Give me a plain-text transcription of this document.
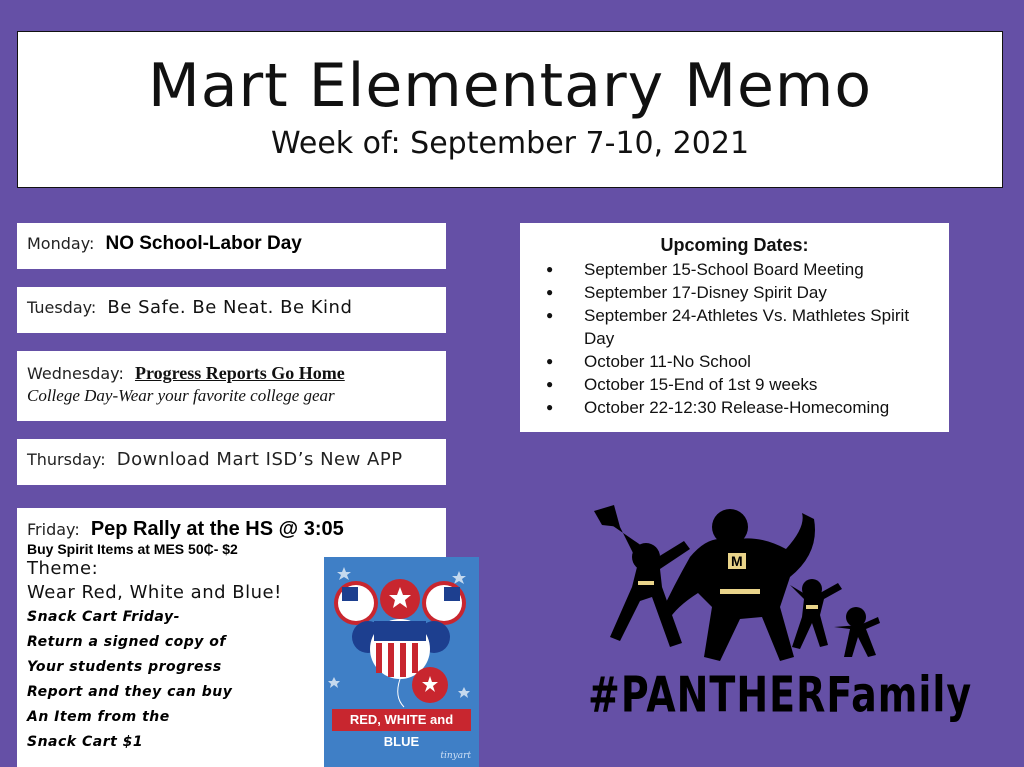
Mart Elementary Memo
Week of: September 7-10, 2021
Monday: NO School-Labor Day
Tuesday: Be Safe. Be Neat. Be Kind
Wednesday: Progress Reports Go Home
College Day-Wear your favorite college gear
Thursday: Download Mart ISD’s New APP
Friday: Pep Rally at the HS @ 3:05
Buy Spirit Items at MES 50₵- $2
Theme:
Wear Red, White and Blue!
Snack Cart Friday-
Return a signed copy of
Your students progress
Report and they can buy
An Item from the
Snack Cart $1
RED, WHITE and BLUE
tinyart
Upcoming Dates:
● September 15-School Board Meeting
● September 17-Disney Spirit Day
● September 24-Athletes Vs. Mathletes Spirit Day
● October 11-No School
● October 15-End of 1st 9 weeks
● October 22-12:30 Release-Homecoming
M
#PANTHERFamily
